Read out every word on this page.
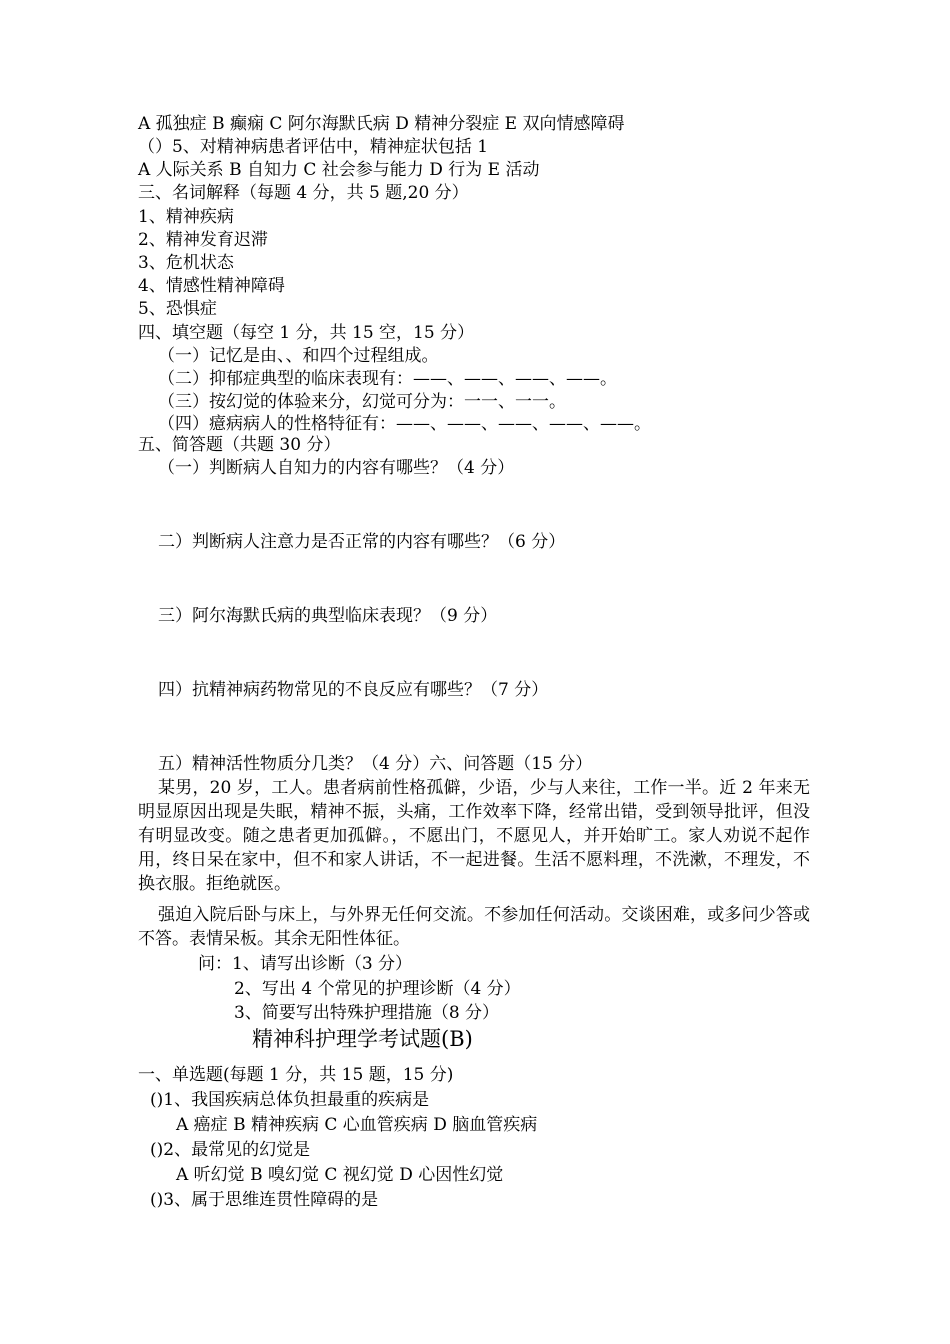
A 孤独症 B 癫痫 C 阿尔海默氏病 D 精神分裂症 E 双向情感障碍
（）5、对精神病患者评估中，精神症状包括 1
A 人际关系 B 自知力 C 社会参与能力 D 行为 E 活动
三、名词解释（每题 4 分，共 5 题,20 分）
1、精神疾病
2、精神发育迟滞
3、危机状态
4、情感性精神障碍
5、恐惧症
四、填空题（每空 1 分，共 15 空，15 分）
（一）记忆是由、、和四个过程组成。
（二）抑郁症典型的临床表现有：——、——、——、——。
（三）按幻觉的体验来分，幻觉可分为：一一、一一。
（四）癔病病人的性格特征有：——、——、——、——、——。
五、简答题（共题 30 分）
（一）判断病人自知力的内容有哪些？（4 分）
二）判断病人注意力是否正常的内容有哪些？（6 分）
三）阿尔海默氏病的典型临床表现？（9 分）
四）抗精神病药物常见的不良反应有哪些？（7 分）
五）精神活性物质分几类？（4 分）六、问答题（15 分）
某男，20 岁，工人。患者病前性格孤僻，少语，少与人来往，工作一半。近 2 年来无明显原因出现是失眠，精神不振，头痛，工作效率下降，经常出错，受到领导批评，但没有明显改变。随之患者更加孤僻。，不愿出门，不愿见人，并开始旷工。家人劝说不起作用，终日呆在家中，但不和家人讲话，不一起进餐。生活不愿料理，不洗漱，不理发，不换衣服。拒绝就医。
强迫入院后卧与床上，与外界无任何交流。不参加任何活动。交谈困难，或多问少答或不答。表情呆板。其余无阳性体征。
问：1、请写出诊断（3 分）
2、写出 4 个常见的护理诊断（4 分）
3、简要写出特殊护理措施（8 分）
精神科护理学考试题(B)
一、单选题(每题 1 分，共 15 题，15 分)
()1、我国疾病总体负担最重的疾病是
A 癌症 B 精神疾病 C 心血管疾病 D 脑血管疾病
()2、最常见的幻觉是
A 听幻觉 B 嗅幻觉 C 视幻觉 D 心因性幻觉
()3、属于思维连贯性障碍的是
